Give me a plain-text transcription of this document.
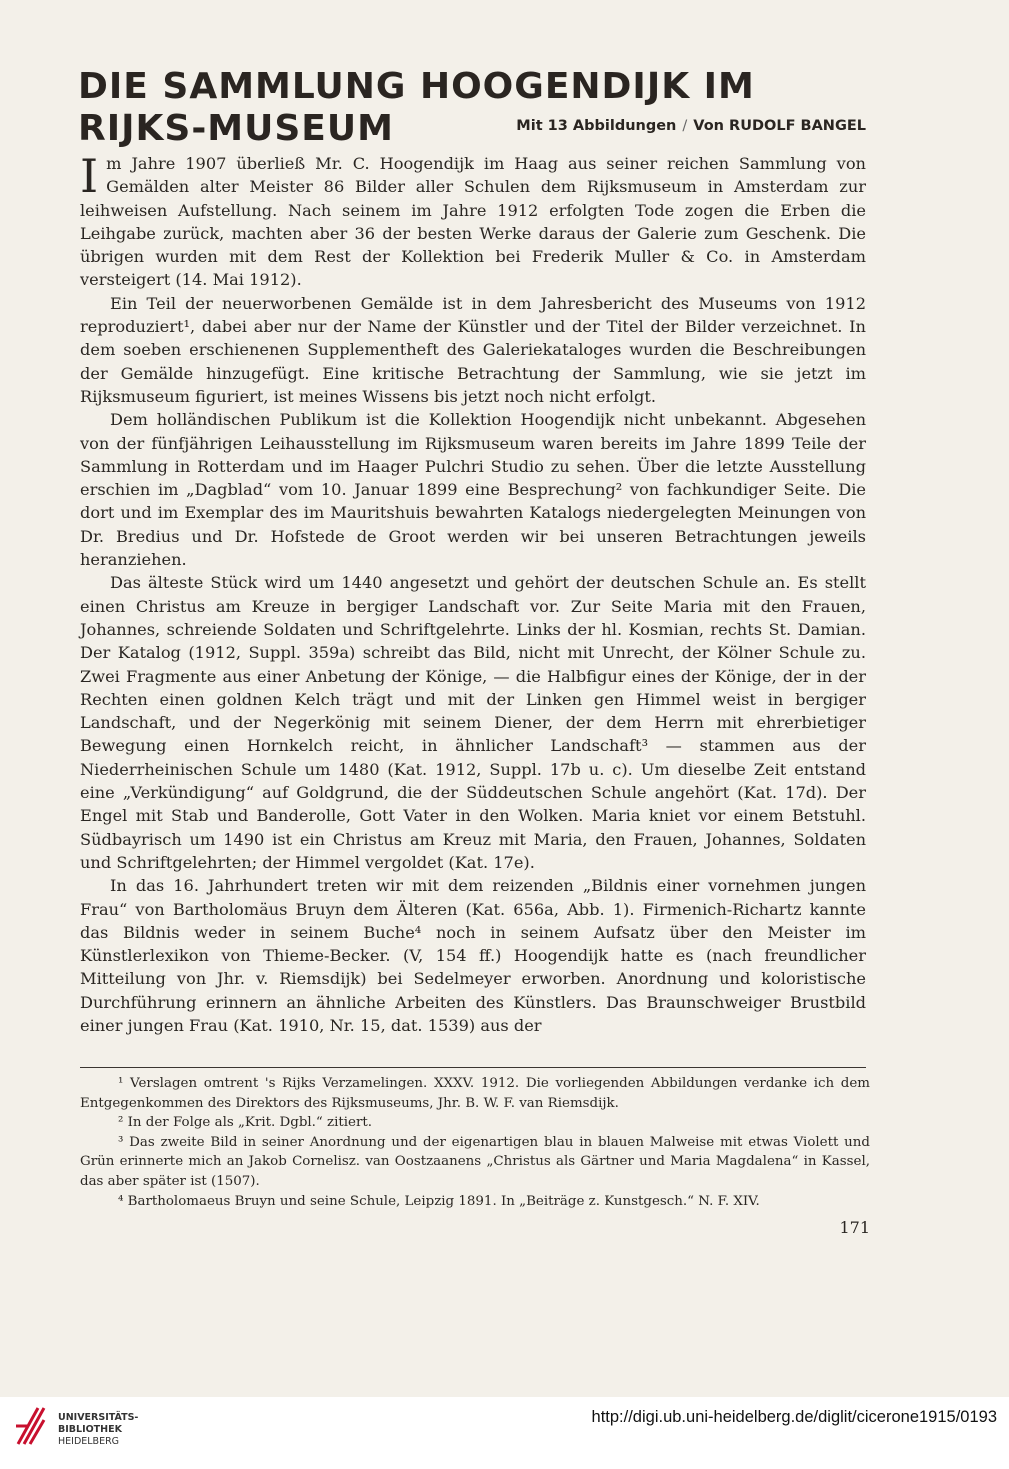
DIE SAMMLUNG HOOGENDIJK IM RIJKS-MUSEUM	Mit 13 Abbildungen / Von RUDOLF BANGEL

Im Jahre 1907 überließ Mr. C. Hoogendijk im Haag aus seiner reichen Sammlung von Gemälden alter Meister 86 Bilder aller Schulen dem Rijksmuseum in Amsterdam zur leihweisen Aufstellung. Nach seinem im Jahre 1912 erfolgten Tode zogen die Erben die Leihgabe zurück, machten aber 36 der besten Werke daraus der Galerie zum Geschenk. Die übrigen wurden mit dem Rest der Kollektion bei Frederik Muller & Co. in Amsterdam versteigert (14. Mai 1912).

Ein Teil der neuerworbenen Gemälde ist in dem Jahresbericht des Museums von 1912 reproduziert¹, dabei aber nur der Name der Künstler und der Titel der Bilder verzeichnet. In dem soeben erschienenen Supplementheft des Galeriekataloges wurden die Beschreibungen der Gemälde hinzugefügt. Eine kritische Betrachtung der Sammlung, wie sie jetzt im Rijksmuseum figuriert, ist meines Wissens bis jetzt noch nicht erfolgt.

Dem holländischen Publikum ist die Kollektion Hoogendijk nicht unbekannt. Abgesehen von der fünfjährigen Leihausstellung im Rijksmuseum waren bereits im Jahre 1899 Teile der Sammlung in Rotterdam und im Haager Pulchri Studio zu sehen. Über die letzte Ausstellung erschien im „Dagblad“ vom 10. Januar 1899 eine Besprechung² von fachkundiger Seite. Die dort und im Exemplar des im Mauritshuis bewahrten Katalogs niedergelegten Meinungen von Dr. Bredius und Dr. Hofstede de Groot werden wir bei unseren Betrachtungen jeweils heranziehen.

Das älteste Stück wird um 1440 angesetzt und gehört der deutschen Schule an. Es stellt einen Christus am Kreuze in bergiger Landschaft vor. Zur Seite Maria mit den Frauen, Johannes, schreiende Soldaten und Schriftgelehrte. Links der hl. Kosmian, rechts St. Damian. Der Katalog (1912, Suppl. 359a) schreibt das Bild, nicht mit Unrecht, der Kölner Schule zu. Zwei Fragmente aus einer Anbetung der Könige, — die Halbfigur eines der Könige, der in der Rechten einen goldnen Kelch trägt und mit der Linken gen Himmel weist in bergiger Landschaft, und der Negerkönig mit seinem Diener, der dem Herrn mit ehrerbietiger Bewegung einen Hornkelch reicht, in ähnlicher Landschaft³ — stammen aus der Niederrheinischen Schule um 1480 (Kat. 1912, Suppl. 17b u. c). Um dieselbe Zeit entstand eine „Verkündigung“ auf Goldgrund, die der Süddeutschen Schule angehört (Kat. 17d). Der Engel mit Stab und Banderolle, Gott Vater in den Wolken. Maria kniet vor einem Betstuhl. Südbayrisch um 1490 ist ein Christus am Kreuz mit Maria, den Frauen, Johannes, Soldaten und Schriftgelehrten; der Himmel vergoldet (Kat. 17e).

In das 16. Jahrhundert treten wir mit dem reizenden „Bildnis einer vornehmen jungen Frau“ von Bartholomäus Bruyn dem Älteren (Kat. 656a, Abb. 1). Firmenich-Richartz kannte das Bildnis weder in seinem Buche⁴ noch in seinem Aufsatz über den Meister im Künstlerlexikon von Thieme-Becker. (V, 154 ff.) Hoogendijk hatte es (nach freundlicher Mitteilung von Jhr. v. Riemsdijk) bei Sedelmeyer erworben. Anordnung und koloristische Durchführung erinnern an ähnliche Arbeiten des Künstlers. Das Braunschweiger Brustbild einer jungen Frau (Kat. 1910, Nr. 15, dat. 1539) aus der

¹ Verslagen omtrent 's Rijks Verzamelingen. XXXV. 1912. Die vorliegenden Abbildungen verdanke ich dem Entgegenkommen des Direktors des Rijksmuseums, Jhr. B. W. F. van Riemsdijk.

² In der Folge als „Krit. Dgbl.“ zitiert.

³ Das zweite Bild in seiner Anordnung und der eigenartigen blau in blauen Malweise mit etwas Violett und Grün erinnerte mich an Jakob Cornelisz. van Oostzaanens „Christus als Gärtner und Maria Magdalena“ in Kassel, das aber später ist (1507).

⁴ Bartholomaeus Bruyn und seine Schule, Leipzig 1891. In „Beiträge z. Kunstgesch.“ N. F. XIV.

171
UNIVERSITÄTS-
BIBLIOTHEK
HEIDELBERG
http://digi.ub.uni-heidelberg.de/diglit/cicerone1915/0193
